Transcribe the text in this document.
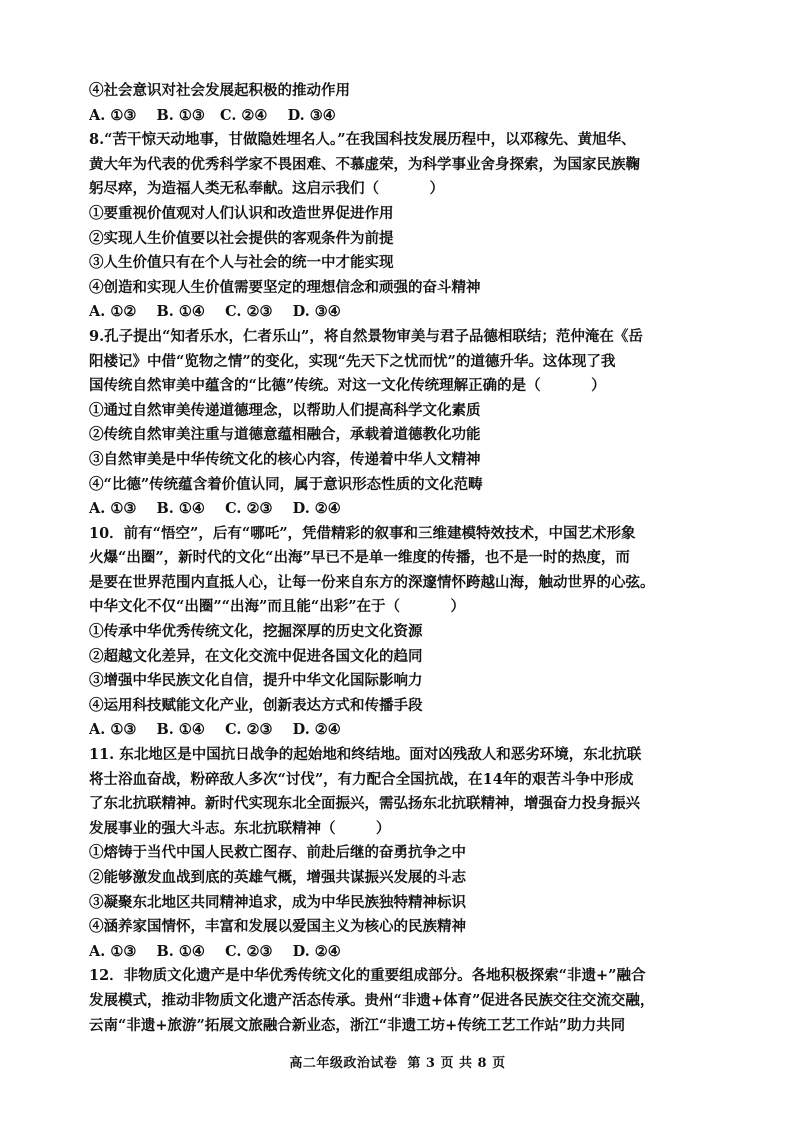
④社会意识对社会发展起积极的推动作用
A. ①③    B. ①③   C. ②④    D. ③④
8.“苦干惊天动地事，甘做隐姓埋名人。”在我国科技发展历程中，以邓稼先、黄旭华、
黄大年为代表的优秀科学家不畏困难、不慕虚荣，为科学事业舍身探索，为国家民族鞠
躬尽瘁，为造福人类无私奉献。这启示我们（          ）
①要重视价值观对人们认识和改造世界促进作用
②实现人生价值要以社会提供的客观条件为前提
③人生价值只有在个人与社会的统一中才能实现
④创造和实现人生价值需要坚定的理想信念和顽强的奋斗精神
A. ①②    B. ①④    C. ②③    D. ③④
9.孔子提出“知者乐水，仁者乐山”，将自然景物审美与君子品德相联结；范仲淹在《岳
阳楼记》中借“览物之情”的变化，实现“先天下之忧而忧”的道德升华。这体现了我
国传统自然审美中蕴含的“比德”传统。对这一文化传统理解正确的是（          ）
①通过自然审美传递道德理念，以帮助人们提高科学文化素质
②传统自然审美注重与道德意蕴相融合，承载着道德教化功能
③自然审美是中华传统文化的核心内容，传递着中华人文精神
④“比德”传统蕴含着价值认同，属于意识形态性质的文化范畴
A. ①③    B. ①④    C. ②③    D. ②④
10．前有“悟空”，后有“哪吒”，凭借精彩的叙事和三维建模特效技术，中国艺术形象
火爆“出圈”，新时代的文化“出海”早已不是单一维度的传播，也不是一时的热度，而
是要在世界范围内直抵人心，让每一份来自东方的深邃情怀跨越山海，触动世界的心弦。
中华文化不仅“出圈”“出海”而且能“出彩”在于（          ）
①传承中华优秀传统文化，挖掘深厚的历史文化资源
②超越文化差异，在文化交流中促进各国文化的趋同
③增强中华民族文化自信，提升中华文化国际影响力
④运用科技赋能文化产业，创新表达方式和传播手段
A. ①③    B. ①④    C. ②③    D. ②④
11. 东北地区是中国抗日战争的起始地和终结地。面对凶残敌人和恶劣环境，东北抗联
将士浴血奋战，粉碎敌人多次“讨伐”，有力配合全国抗战，在14年的艰苦斗争中形成
了东北抗联精神。新时代实现东北全面振兴，需弘扬东北抗联精神，增强奋力投身振兴
发展事业的强大斗志。东北抗联精神（        ）
①熔铸于当代中国人民救亡图存、前赴后继的奋勇抗争之中
②能够激发血战到底的英雄气概，增强共谋振兴发展的斗志
③凝聚东北地区共同精神追求，成为中华民族独特精神标识
④涵养家国情怀，丰富和发展以爱国主义为核心的民族精神
A. ①③    B. ①④    C. ②③    D. ②④
12．非物质文化遗产是中华优秀传统文化的重要组成部分。各地积极探索“非遗+”融合
发展模式，推动非物质文化遗产活态传承。贵州“非遗+体育”促进各民族交往交流交融，
云南“非遗+旅游”拓展文旅融合新业态，浙江“非遗工坊+传统工艺工作站”助力共同
高二年级政治试卷  第 3 页 共 8 页
